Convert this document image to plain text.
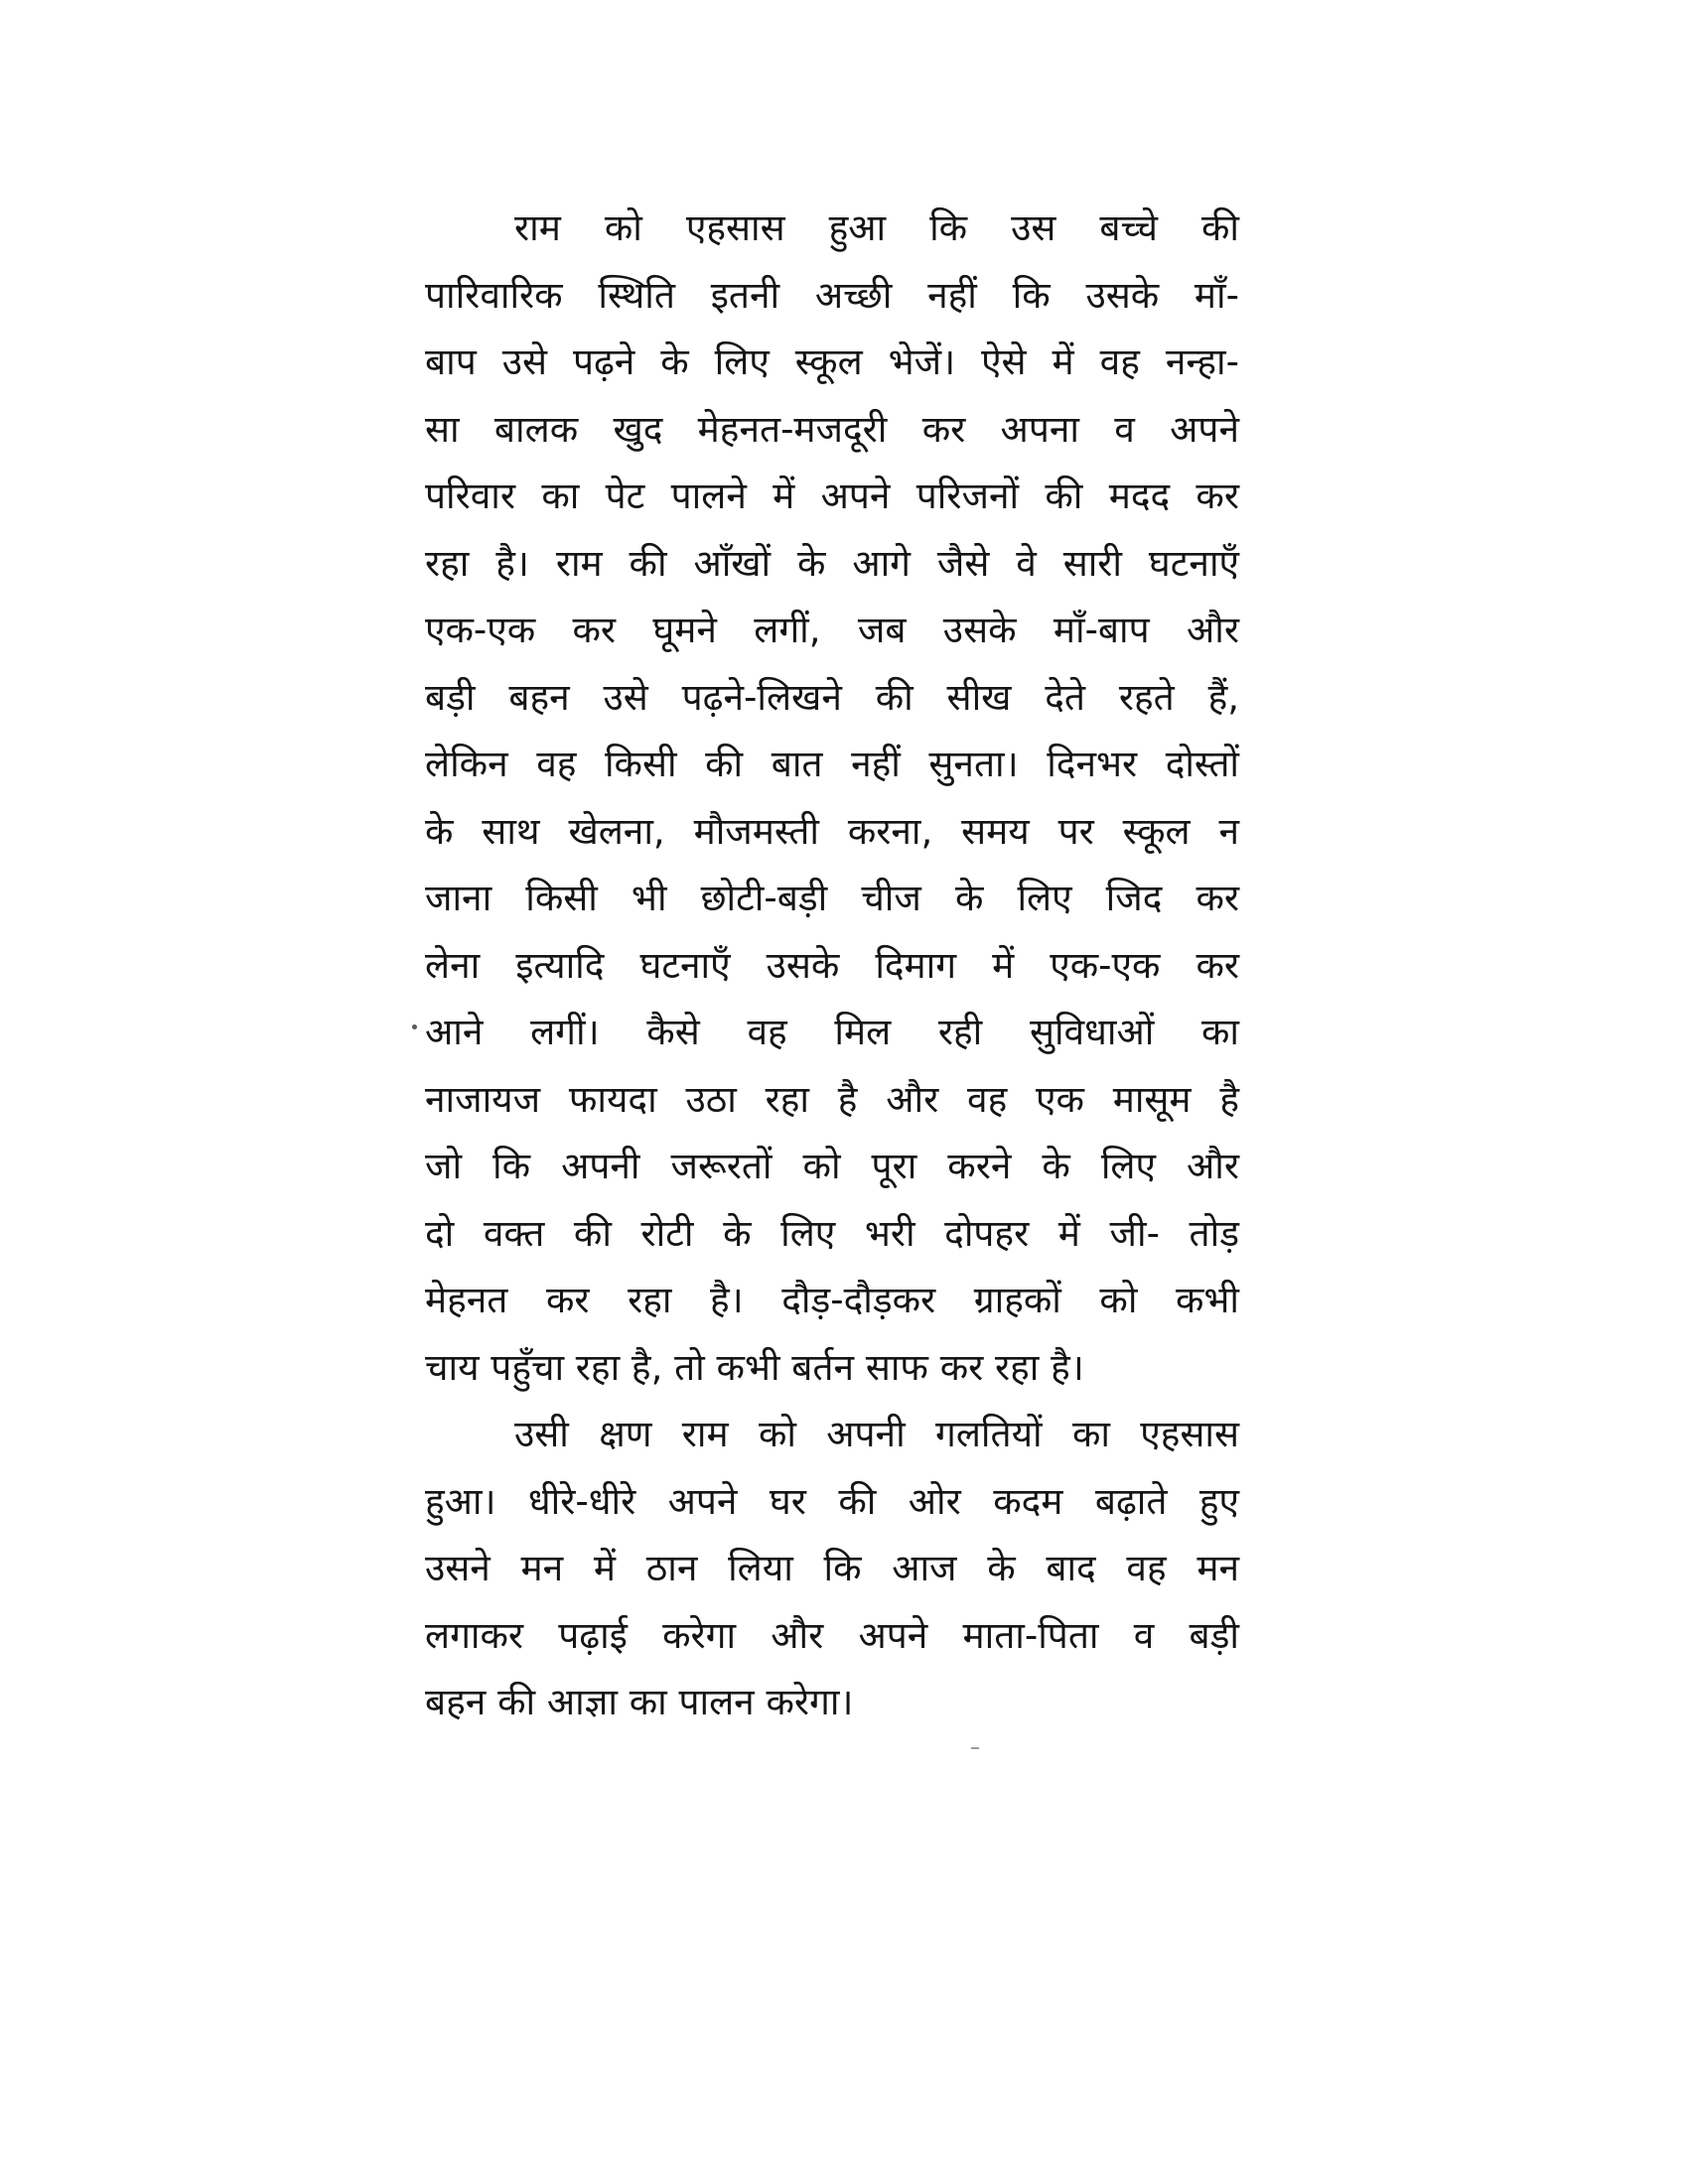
राम को एहसास हुआ कि उस बच्चे की
पारिवारिक स्थिति इतनी अच्छी नहीं कि उसके माँ-
बाप उसे पढ़ने के लिए स्कूल भेजें। ऐसे में वह नन्हा-
सा बालक खुद मेहनत-मजदूरी कर अपना व अपने
परिवार का पेट पालने में अपने परिजनों की मदद कर
रहा है। राम की आँखों के आगे जैसे वे सारी घटनाएँ
एक-एक कर घूमने लगीं, जब उसके माँ-बाप और
बड़ी बहन उसे पढ़ने-लिखने की सीख देते रहते हैं,
लेकिन वह किसी की बात नहीं सुनता। दिनभर दोस्तों
के साथ खेलना, मौजमस्ती करना, समय पर स्कूल न
जाना किसी भी छोटी-बड़ी चीज के लिए जिद कर
लेना इत्यादि घटनाएँ उसके दिमाग में एक-एक कर
आने लगीं। कैसे वह मिल रही सुविधाओं का
नाजायज फायदा उठा रहा है और वह एक मासूम है
जो कि अपनी जरूरतों को पूरा करने के लिए और
दो वक्त की रोटी के लिए भरी दोपहर में जी- तोड़
मेहनत कर रहा है। दौड़-दौड़कर ग्राहकों को कभी
चाय पहुँचा रहा है, तो कभी बर्तन साफ कर रहा है।
उसी क्षण राम को अपनी गलतियों का एहसास
हुआ। धीरे-धीरे अपने घर की ओर कदम बढ़ाते हुए
उसने मन में ठान लिया कि आज के बाद वह मन
लगाकर पढ़ाई करेगा और अपने माता-पिता व बड़ी
बहन की आज्ञा का पालन करेगा।
